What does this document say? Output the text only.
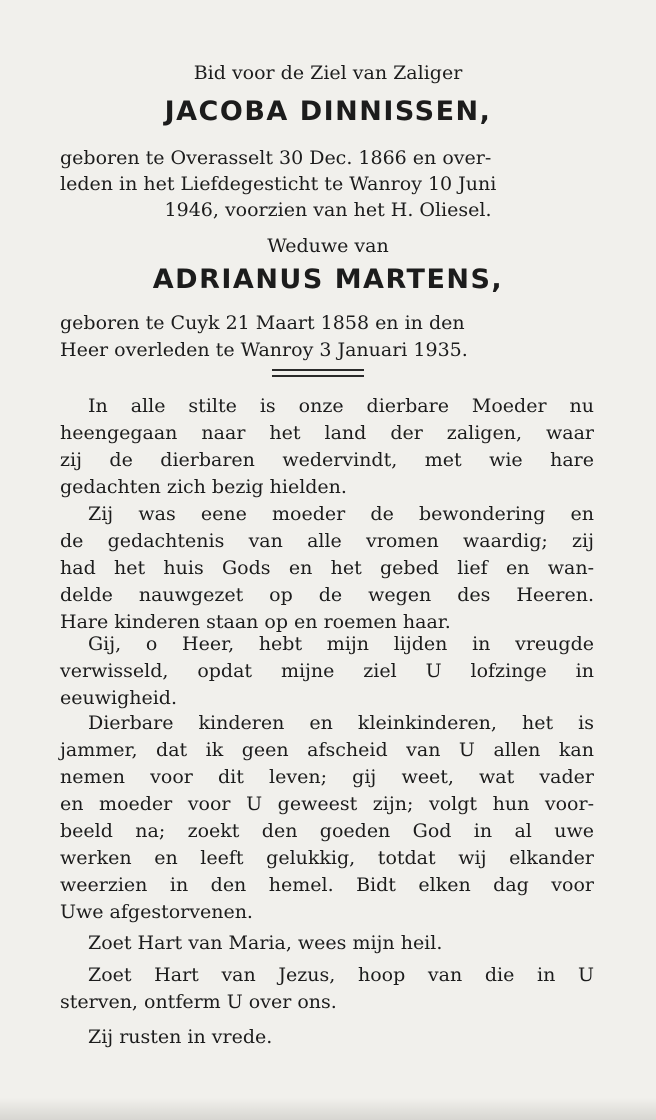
Bid voor de Ziel van Zaliger

JACOBA DINNISSEN,

geboren te Overasselt 30 Dec. 1866 en over-

leden in het Liefdegesticht te Wanroy 10 Juni

1946, voorzien van het H. Oliesel.

Weduwe van

ADRIANUS MARTENS,

geboren te Cuyk 21 Maart 1858 en in den

Heer overleden te Wanroy 3 Januari 1935.

In alle stilte is onze dierbare Moeder nu

heengegaan naar het land der zaligen, waar

zij de dierbaren wedervindt, met wie hare

gedachten zich bezig hielden.

Zij was eene moeder de bewondering en

de gedachtenis van alle vromen waardig; zij

had het huis Gods en het gebed lief en wan-

delde nauwgezet op de wegen des Heeren.

Hare kinderen staan op en roemen haar.

Gij, o Heer, hebt mijn lijden in vreugde

verwisseld, opdat mijne ziel U lofzinge in

eeuwigheid.

Dierbare kinderen en kleinkinderen, het is

jammer, dat ik geen afscheid van U allen kan

nemen voor dit leven; gij weet, wat vader

en moeder voor U geweest zijn; volgt hun voor-

beeld na; zoekt den goeden God in al uwe

werken en leeft gelukkig, totdat wij elkander

weerzien in den hemel. Bidt elken dag voor

Uwe afgestorvenen.

Zoet Hart van Maria, wees mijn heil.

Zoet Hart van Jezus, hoop van die in U

sterven, ontferm U over ons.

Zij rusten in vrede.
